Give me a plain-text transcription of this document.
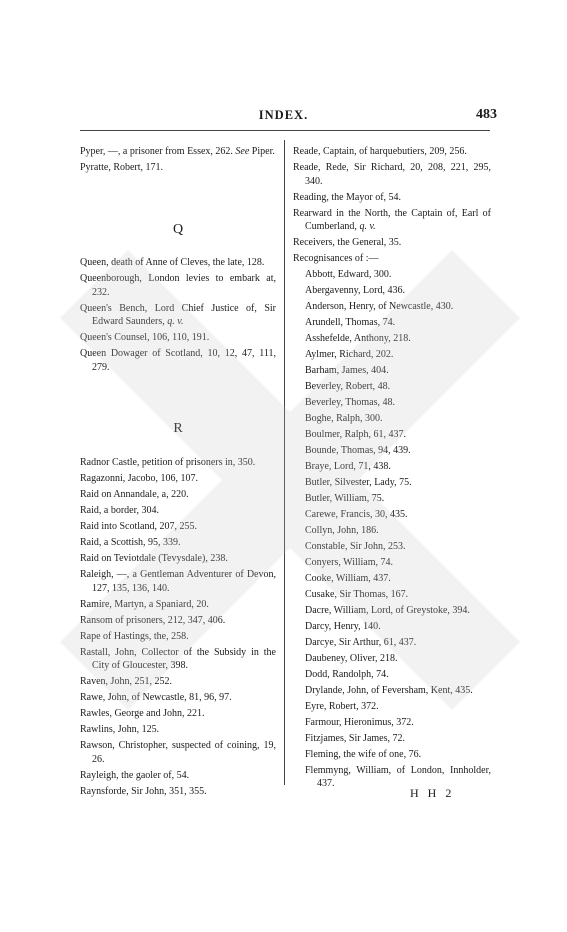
INDEX.	483

Pyper, —, a prisoner from Essex, 262. See Piper.

Pyratte, Robert, 171.

Q

Queen, death of Anne of Cleves, the late, 128.

Queenborough, London levies to embark at, 232.

Queen's Bench, Lord Chief Justice of, Sir Edward Saunders, q. v.

Queen's Counsel, 106, 110, 191.

Queen Dowager of Scotland, 10, 12, 47, 111, 279.

R

Radnor Castle, petition of prisoners in, 350.

Ragazonni, Jacobo, 106, 107.

Raid on Annandale, a, 220.

Raid, a border, 304.

Raid into Scotland, 207, 255.

Raid, a Scottish, 95, 339.

Raid on Teviotdale (Tevysdale), 238.

Raleigh, —, a Gentleman Adventurer of Devon, 127, 135, 136, 140.

Ramire, Martyn, a Spaniard, 20.

Ransom of prisoners, 212, 347, 406.

Rape of Hastings, the, 258.

Rastall, John, Collector of the Subsidy in the City of Gloucester, 398.

Raven, John, 251, 252.

Rawe, John, of Newcastle, 81, 96, 97.

Rawles, George and John, 221.

Rawlins, John, 125.

Rawson, Christopher, suspected of coining, 19, 26.

Rayleigh, the gaoler of, 54.

Raynsforde, Sir John, 351, 355.

Reade, Captain, of harquebutiers, 209, 256.

Reade, Rede, Sir Richard, 20, 208, 221, 295, 340.

Reading, the Mayor of, 54.

Rearward in the North, the Captain of, Earl of Cumberland, q. v.

Receivers, the General, 35.

Recognisances of :—

Abbott, Edward, 300.

Abergavenny, Lord, 436.

Anderson, Henry, of Newcastle, 430.

Arundell, Thomas, 74.

Asshefelde, Anthony, 218.

Aylmer, Richard, 202.

Barham, James, 404.

Beverley, Robert, 48.

Beverley, Thomas, 48.

Boghe, Ralph, 300.

Boulmer, Ralph, 61, 437.

Bounde, Thomas, 94, 439.

Braye, Lord, 71, 438.

Butler, Silvester, Lady, 75.

Butler, William, 75.

Carewe, Francis, 30, 435.

Collyn, John, 186.

Constable, Sir John, 253.

Conyers, William, 74.

Cooke, William, 437.

Cusake, Sir Thomas, 167.

Dacre, William, Lord, of Greystoke, 394.

Darcy, Henry, 140.

Darcye, Sir Arthur, 61, 437.

Daubeney, Oliver, 218.

Dodd, Randolph, 74.

Drylande, John, of Feversham, Kent, 435.

Eyre, Robert, 372.

Farmour, Hieronimus, 372.

Fitzjames, Sir James, 72.

Fleming, the wife of one, 76.

Flemmyng, William, of London, Innholder, 437.

H H 2
